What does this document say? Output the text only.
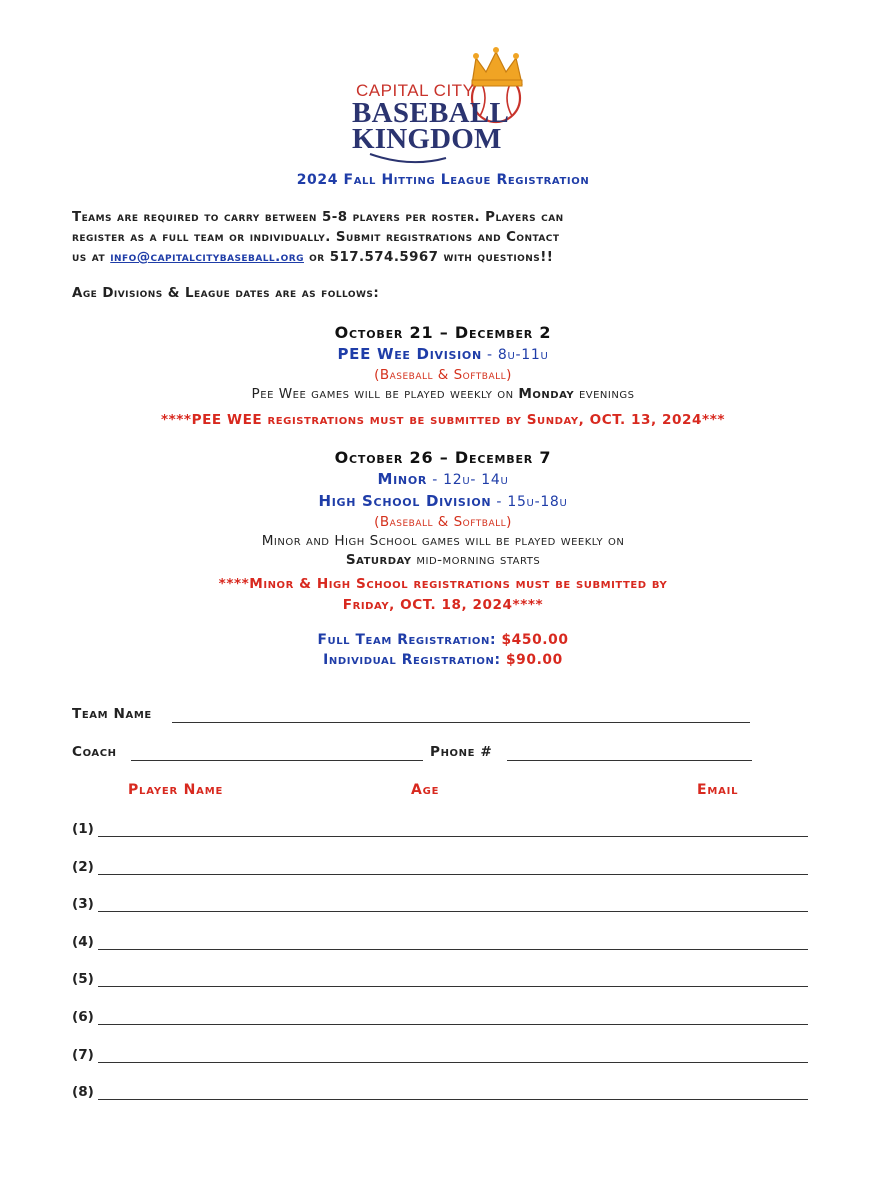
CAPITAL CITY
BASEBALL
KINGDOM
2024 Fall Hitting League Registration
Teams are required to carry between 5-8 players per roster. Players can
register as a full team or individually. Submit registrations and Contact
us at info@capitalcitybaseball.org or 517.574.5967 with questions!!
Age Divisions & League dates are as follows:
October 21 – December 2
PEE Wee Division - 8u-11u
(Baseball & Softball)
Pee Wee games will be played weekly on Monday evenings
****PEE WEE registrations must be submitted by Sunday, OCT. 13, 2024***
October 26 – December 7
Minor - 12u- 14u
High School Division - 15u-18u
(Baseball & Softball)
Minor and High School games will be played weekly on
Saturday mid-morning starts
****Minor & High School registrations must be submitted by
Friday, OCT. 18, 2024****
Full Team Registration: $450.00
Individual Registration: $90.00
Team Name
Coach	Phone #
Player Name	Age	Email
(1)
(2)
(3)
(4)
(5)
(6)
(7)
(8)
